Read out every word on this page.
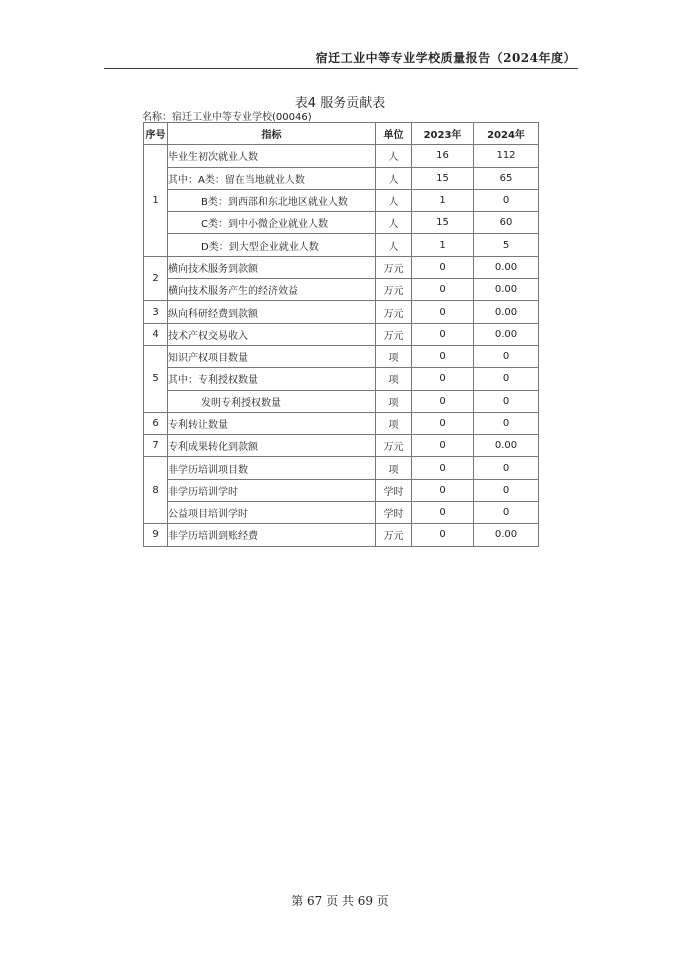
宿迁工业中等专业学校质量报告（2024年度）
表4 服务贡献表
名称：宿迁工业中等专业学校(00046)
序号	指标	单位	2023年	2024年
1	毕业生初次就业人数	人	16	112
	其中：A类：留在当地就业人数	人	15	65
	B类：到西部和东北地区就业人数	人	1	0
	C类：到中小微企业就业人数	人	15	60
	D类：到大型企业就业人数	人	1	5
2	横向技术服务到款额	万元	0	0.00
	横向技术服务产生的经济效益	万元	0	0.00
3	纵向科研经费到款额	万元	0	0.00
4	技术产权交易收入	万元	0	0.00
5	知识产权项目数量	项	0	0
	其中：专利授权数量	项	0	0
	发明专利授权数量	项	0	0
6	专利转让数量	项	0	0
7	专利成果转化到款额	万元	0	0.00
8	非学历培训项目数	项	0	0
	非学历培训学时	学时	0	0
	公益项目培训学时	学时	0	0
9	非学历培训到账经费	万元	0	0.00
第 67 页 共 69 页
